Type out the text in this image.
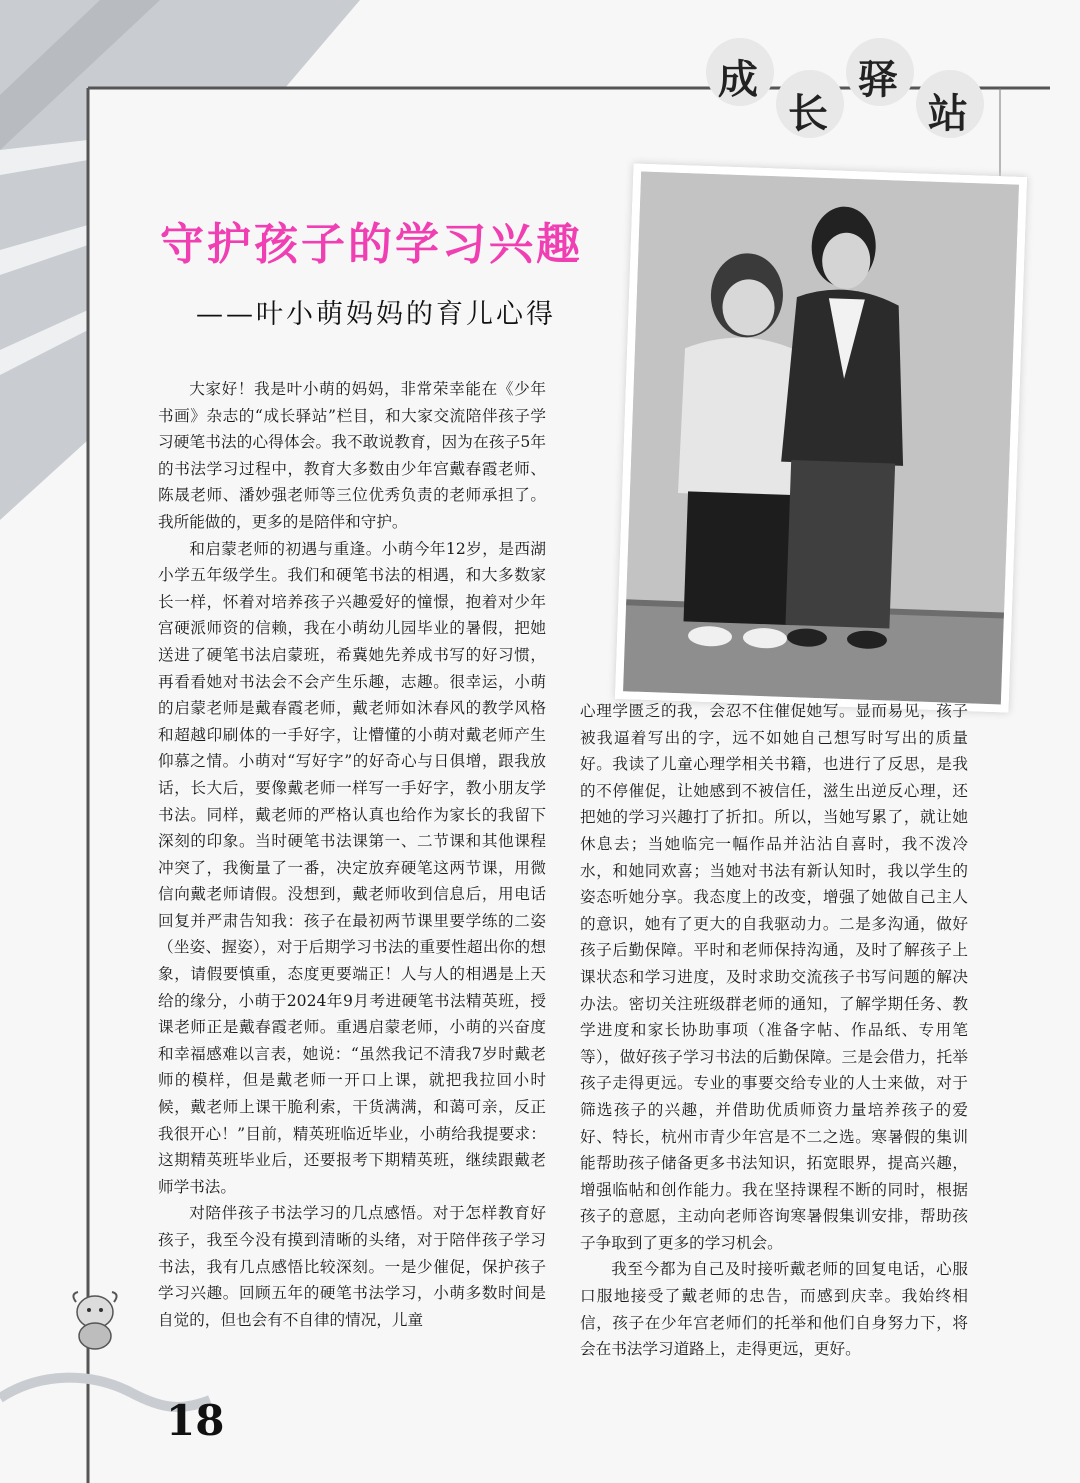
成
长
驿
站
守护孩子的学习兴趣
——叶小萌妈妈的育儿心得

大家好！我是叶小萌的妈妈，非常荣幸能在《少年书画》杂志的“成长驿站”栏目，和大家交流陪伴孩子学习硬笔书法的心得体会。我不敢说教育，因为在孩子5年的书法学习过程中，教育大多数由少年宫戴春霞老师、陈晟老师、潘妙强老师等三位优秀负责的老师承担了。我所能做的，更多的是陪伴和守护。

和启蒙老师的初遇与重逢。小萌今年12岁，是西湖小学五年级学生。我们和硬笔书法的相遇，和大多数家长一样，怀着对培养孩子兴趣爱好的憧憬，抱着对少年宫硬派师资的信赖，我在小萌幼儿园毕业的暑假，把她送进了硬笔书法启蒙班，希冀她先养成书写的好习惯，再看看她对书法会不会产生乐趣，志趣。很幸运，小萌的启蒙老师是戴春霞老师，戴老师如沐春风的教学风格和超越印刷体的一手好字，让懵懂的小萌对戴老师产生仰慕之情。小萌对“写好字”的好奇心与日俱增，跟我放话，长大后，要像戴老师一样写一手好字，教小朋友学书法。同样，戴老师的严格认真也给作为家长的我留下深刻的印象。当时硬笔书法课第一、二节课和其他课程冲突了，我衡量了一番，决定放弃硬笔这两节课，用微信向戴老师请假。没想到，戴老师收到信息后，用电话回复并严肃告知我：孩子在最初两节课里要学练的二姿（坐姿、握姿），对于后期学习书法的重要性超出你的想象，请假要慎重，态度更要端正！人与人的相遇是上天给的缘分，小萌于2024年9月考进硬笔书法精英班，授课老师正是戴春霞老师。重遇启蒙老师，小萌的兴奋度和幸福感难以言表，她说：“虽然我记不清我7岁时戴老师的模样，但是戴老师一开口上课，就把我拉回小时候，戴老师上课干脆利索，干货满满，和蔼可亲，反正我很开心！”目前，精英班临近毕业，小萌给我提要求：这期精英班毕业后，还要报考下期精英班，继续跟戴老师学书法。

对陪伴孩子书法学习的几点感悟。对于怎样教育好孩子，我至今没有摸到清晰的头绪，对于陪伴孩子学习书法，我有几点感悟比较深刻。一是少催促，保护孩子学习兴趣。回顾五年的硬笔书法学习，小萌多数时间是自觉的，但也会有不自律的情况，儿童

心理学匮乏的我，会忍不住催促她写。显而易见，孩子被我逼着写出的字，远不如她自己想写时写出的质量好。我读了儿童心理学相关书籍，也进行了反思，是我的不停催促，让她感到不被信任，滋生出逆反心理，还把她的学习兴趣打了折扣。所以，当她写累了，就让她休息去；当她临完一幅作品并沾沾自喜时，我不泼冷水，和她同欢喜；当她对书法有新认知时，我以学生的姿态听她分享。我态度上的改变，增强了她做自己主人的意识，她有了更大的自我驱动力。二是多沟通，做好孩子后勤保障。平时和老师保持沟通，及时了解孩子上课状态和学习进度，及时求助交流孩子书写问题的解决办法。密切关注班级群老师的通知，了解学期任务、教学进度和家长协助事项（准备字帖、作品纸、专用笔等），做好孩子学习书法的后勤保障。三是会借力，托举孩子走得更远。专业的事要交给专业的人士来做，对于筛选孩子的兴趣，并借助优质师资力量培养孩子的爱好、特长，杭州市青少年宫是不二之选。寒暑假的集训能帮助孩子储备更多书法知识，拓宽眼界，提高兴趣，增强临帖和创作能力。我在坚持课程不断的同时，根据孩子的意愿，主动向老师咨询寒暑假集训安排，帮助孩子争取到了更多的学习机会。

我至今都为自己及时接听戴老师的回复电话，心服口服地接受了戴老师的忠告，而感到庆幸。我始终相信，孩子在少年宫老师们的托举和他们自身努力下，将会在书法学习道路上，走得更远，更好。

18
